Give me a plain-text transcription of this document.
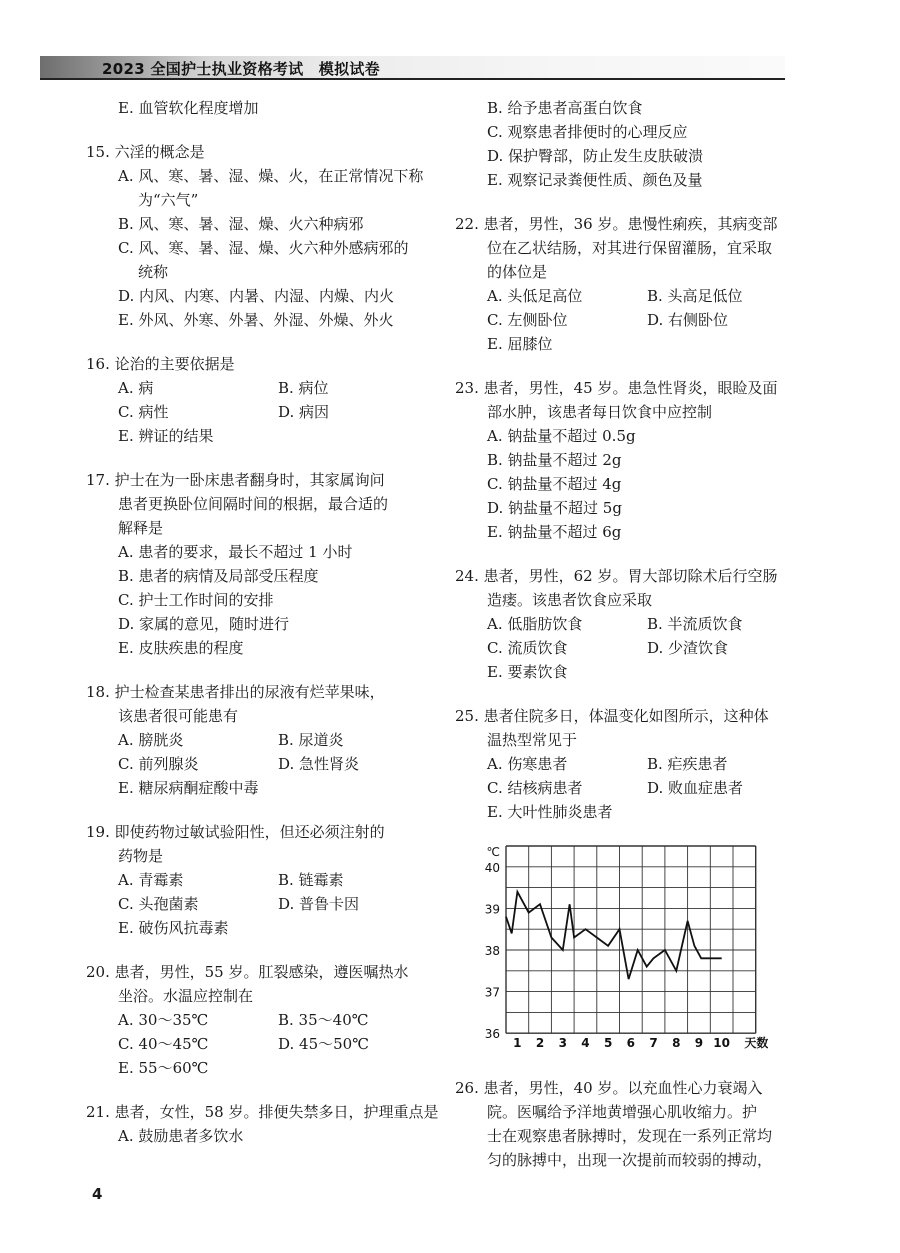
2023 全国护士执业资格考试　模拟试卷
E. 血管软化程度增加
15. 六淫的概念是
A. 风、寒、暑、湿、燥、火，在正常情况下称
为“六气”
B. 风、寒、暑、湿、燥、火六种病邪
C. 风、寒、暑、湿、燥、火六种外感病邪的
统称
D. 内风、内寒、内暑、内湿、内燥、内火
E. 外风、外寒、外暑、外湿、外燥、外火
16. 论治的主要依据是
A. 病	B. 病位
C. 病性	D. 病因
E. 辨证的结果
17. 护士在为一卧床患者翻身时，其家属询问
患者更换卧位间隔时间的根据，最合适的
解释是
A. 患者的要求，最长不超过 1 小时
B. 患者的病情及局部受压程度
C. 护士工作时间的安排
D. 家属的意见，随时进行
E. 皮肤疾患的程度
18. 护士检查某患者排出的尿液有烂苹果味，
该患者很可能患有
A. 膀胱炎	B. 尿道炎
C. 前列腺炎	D. 急性肾炎
E. 糖尿病酮症酸中毒
19. 即使药物过敏试验阳性，但还必须注射的
药物是
A. 青霉素	B. 链霉素
C. 头孢菌素	D. 普鲁卡因
E. 破伤风抗毒素
20. 患者，男性，55 岁。肛裂感染，遵医嘱热水
坐浴。水温应控制在
A. 30～35℃	B. 35～40℃
C. 40～45℃	D. 45～50℃
E. 55～60℃
21. 患者，女性，58 岁。排便失禁多日，护理重点是
A. 鼓励患者多饮水
B. 给予患者高蛋白饮食
C. 观察患者排便时的心理反应
D. 保护臀部，防止发生皮肤破溃
E. 观察记录粪便性质、颜色及量
22. 患者，男性，36 岁。患慢性痢疾，其病变部
位在乙状结肠，对其进行保留灌肠，宜采取
的体位是
A. 头低足高位	B. 头高足低位
C. 左侧卧位	D. 右侧卧位
E. 屈膝位
23. 患者，男性，45 岁。患急性肾炎，眼睑及面
部水肿，该患者每日饮食中应控制
A. 钠盐量不超过 0.5g
B. 钠盐量不超过 2g
C. 钠盐量不超过 4g
D. 钠盐量不超过 5g
E. 钠盐量不超过 6g
24. 患者，男性，62 岁。胃大部切除术后行空肠
造瘘。该患者饮食应采取
A. 低脂肪饮食	B. 半流质饮食
C. 流质饮食	D. 少渣饮食
E. 要素饮食
25. 患者住院多日，体温变化如图所示，这种体
温热型常见于
A. 伤寒患者	B. 疟疾患者
C. 结核病患者	D. 败血症患者
E. 大叶性肺炎患者
36
37
38
39
40
℃
1 2 3 4 5 6 7 8 9 10 天数
26. 患者，男性，40 岁。以充血性心力衰竭入
院。医嘱给予洋地黄增强心肌收缩力。护
士在观察患者脉搏时，发现在一系列正常均
匀的脉搏中，出现一次提前而较弱的搏动，
4
